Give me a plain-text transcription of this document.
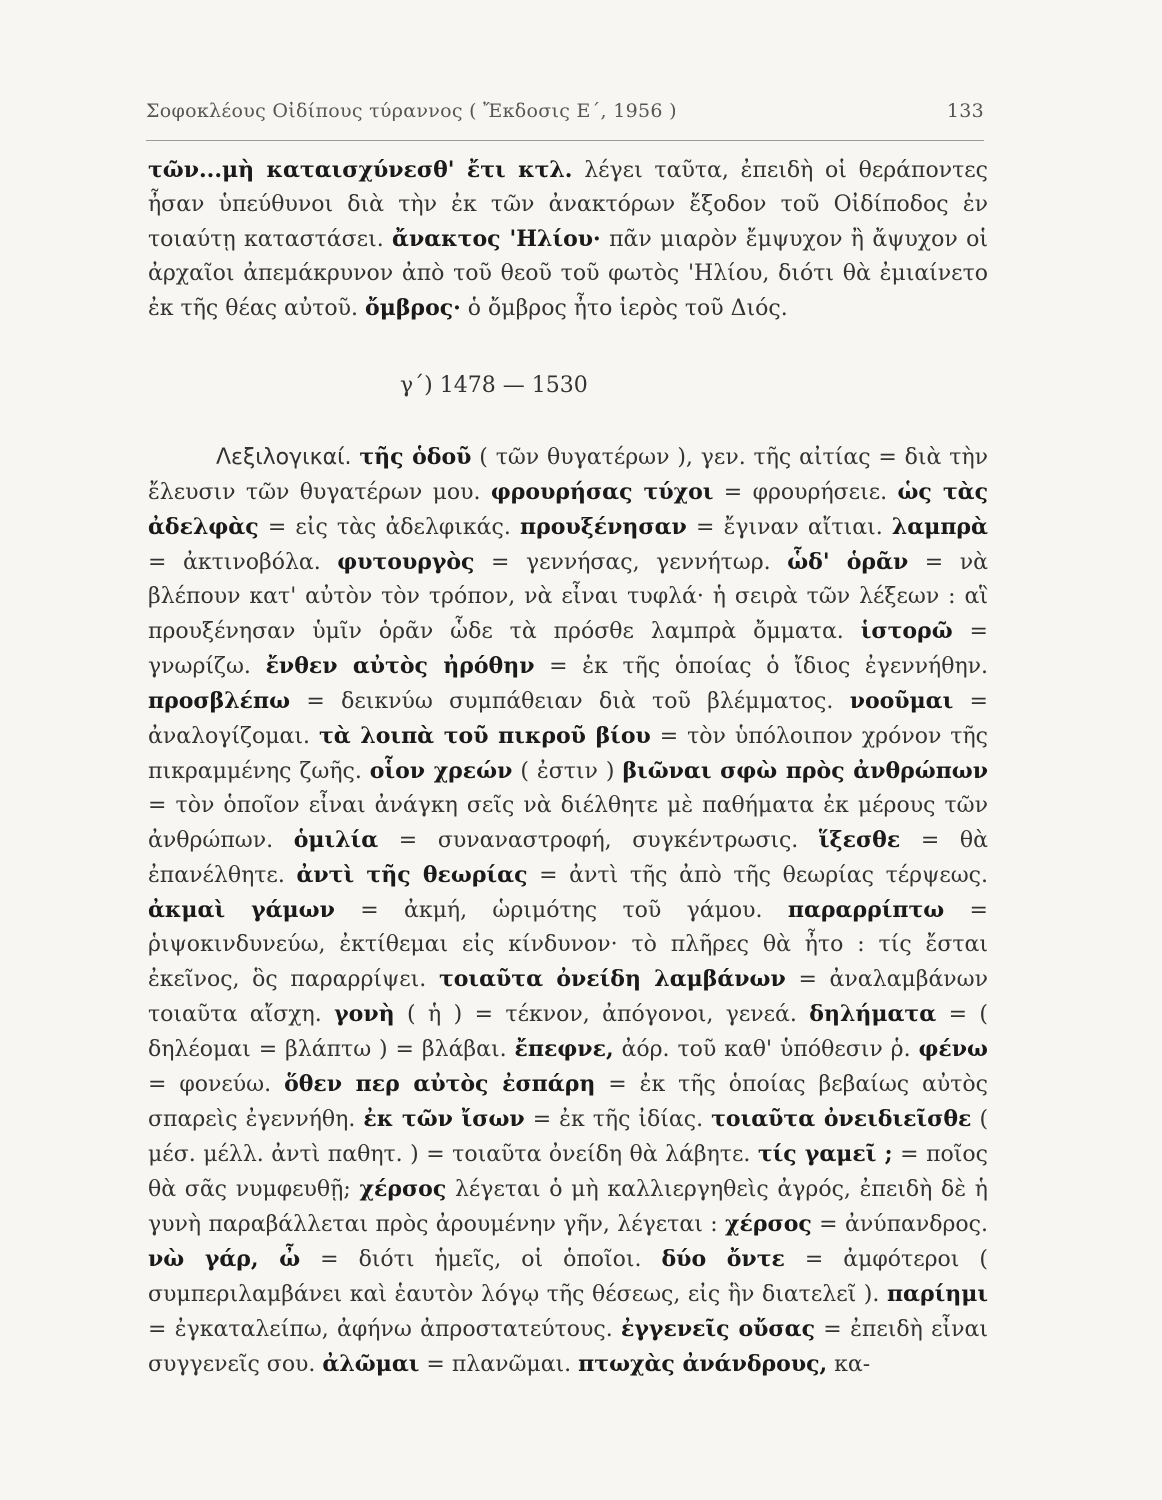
Σοφοκλέους Οἰδίπους τύραννος ( Ἔκδοσις Ε΄, 1956 )	133
τῶν...μὴ καταισχύνεσθ' ἔτι κτλ. λέγει ταῦτα, ἐπειδὴ οἱ θεράποντες ἦσαν ὑπεύθυνοι διὰ τὴν ἐκ τῶν ἀνακτόρων ἔξοδον τοῦ Οἰδίποδος ἐν τοιαύτῃ καταστάσει. ἄνακτος 'Ηλίου· πᾶν μιαρὸν ἔμψυχον ἢ ἄψυχον οἱ ἀρχαῖοι ἀπεμάκρυνον ἀπὸ τοῦ θεοῦ τοῦ φωτὸς 'Ηλίου, διότι θὰ ἐμιαίνετο ἐκ τῆς θέας αὐτοῦ. ὄμβρος· ὁ ὄμβρος ἦτο ἱερὸς τοῦ Διός.
γ΄) 1478 — 1530
Λεξιλογικαί. τῆς ὁδοῦ ( τῶν θυγατέρων ), γεν. τῆς αἰτίας = διὰ τὴν ἔλευσιν τῶν θυγατέρων μου. φρουρήσας τύχοι = φρουρήσειε. ὡς τὰς ἀδελφὰς = εἰς τὰς ἀδελφικάς. προυξένησαν = ἔγιναν αἴτιαι. λαμπρὰ = ἀκτινοβόλα. φυτουργὸς = γεννήσας, γεννήτωρ. ὧδ' ὁρᾶν = νὰ βλέπουν κατ' αὐτὸν τὸν τρόπον, νὰ εἶναι τυφλά· ἡ σειρὰ τῶν λέξεων : αἳ προυξένησαν ὑμῖν ὁρᾶν ὧδε τὰ πρόσθε λαμπρὰ ὄμματα. ἱστορῶ = γνωρίζω. ἔνθεν αὐτὸς ἠρόθην = ἐκ τῆς ὁποίας ὁ ἴδιος ἐγεννήθην. προσβλέπω = δεικνύω συμπάθειαν διὰ τοῦ βλέμματος. νοοῦμαι = ἀναλογίζομαι. τὰ λοιπὰ τοῦ πικροῦ βίου = τὸν ὑπόλοιπον χρόνον τῆς πικραμμένης ζωῆς. οἷον χρεών ( ἐστιν ) βιῶναι σφὼ πρὸς ἀνθρώπων = τὸν ὁποῖον εἶναι ἀνάγκη σεῖς νὰ διέλθητε μὲ παθήματα ἐκ μέρους τῶν ἀνθρώπων. ὁμιλία = συναναστροφή, συγκέντρωσις. ἵξεσθε = θὰ ἐπανέλθητε. ἀντὶ τῆς θεωρίας = ἀντὶ τῆς ἀπὸ τῆς θεωρίας τέρψεως. ἀκμαὶ γάμων = ἀκμή, ὡριμότης τοῦ γάμου. παραρρίπτω = ῥιψοκινδυνεύω, ἐκτίθεμαι εἰς κίνδυνον· τὸ πλῆρες θὰ ἦτο : τίς ἔσται ἐκεῖνος, ὃς παραρρίψει. τοιαῦτα ὀνείδη λαμβάνων = ἀναλαμβάνων τοιαῦτα αἴσχη. γονὴ ( ἡ ) = τέκνον, ἀπόγονοι, γενεά. δηλήματα = ( δηλέομαι = βλάπτω ) = βλάβαι. ἔπεφνε, ἀόρ. τοῦ καθ' ὑπόθεσιν ῥ. φένω = φονεύω. ὅθεν περ αὐτὸς ἐσπάρη = ἐκ τῆς ὁποίας βεβαίως αὐτὸς σπαρεὶς ἐγεννήθη. ἐκ τῶν ἴσων = ἐκ τῆς ἰδίας. τοιαῦτα ὀνειδιεῖσθε ( μέσ. μέλλ. ἀντὶ παθητ. ) = τοιαῦτα ὀνείδη θὰ λάβητε. τίς γαμεῖ ; = ποῖος θὰ σᾶς νυμφευθῇ; χέρσος λέγεται ὁ μὴ καλλιεργηθεὶς ἀγρός, ἐπειδὴ δὲ ἡ γυνὴ παραβάλλεται πρὸς ἀρουμένην γῆν, λέγεται : χέρσος = ἀνύπανδρος. νὼ γάρ, ὦ = διότι ἡμεῖς, οἱ ὁποῖοι. δύο ὄντε = ἀμφότεροι ( συμπεριλαμβάνει καὶ ἑαυτὸν λόγῳ τῆς θέσεως, εἰς ἣν διατελεῖ ). παρίημι = ἐγκαταλείπω, ἀφήνω ἀπροστατεύτους. ἐγγενεῖς οὔσας = ἐπειδὴ εἶναι συγγενεῖς σου. ἀλῶμαι = πλανῶμαι. πτωχὰς ἀνάνδρους, κα-
